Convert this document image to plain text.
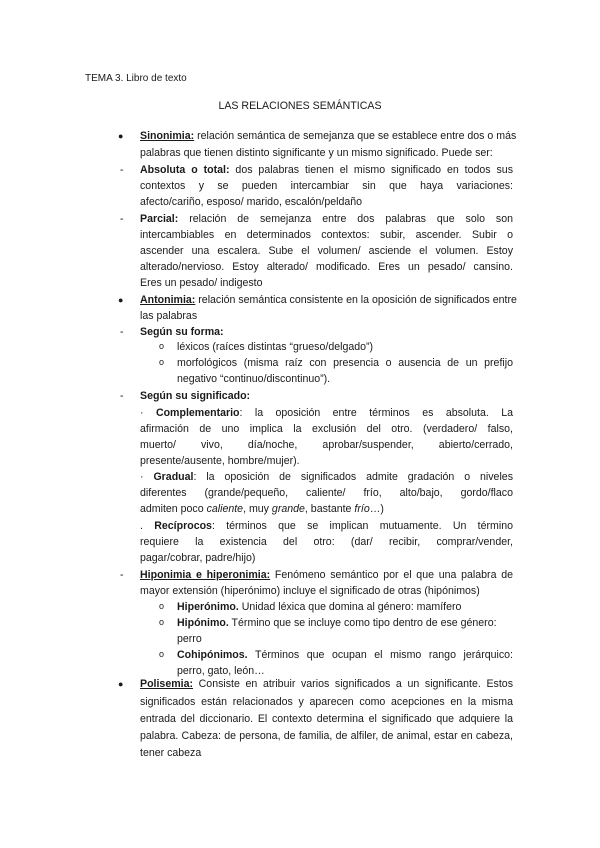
TEMA 3. Libro de texto
LAS RELACIONES SEMÁNTICAS
● Sinonimia: relación semántica de semejanza que se establece entre dos o más
palabras que tienen distinto significante y un mismo significado. Puede ser:
- Absoluta o total: dos palabras tienen el mismo significado en todos sus
contextos y se pueden intercambiar sin que haya variaciones:
afecto/cariño, esposo/ marido, escalón/peldaño
- Parcial: relación de semejanza entre dos palabras que solo son
intercambiables en determinados contextos: subir, ascender. Subir o
ascender una escalera. Sube el volumen/ asciende el volumen. Estoy
alterado/nervioso. Estoy alterado/ modificado. Eres un pesado/ cansino.
Eres un pesado/ indigesto
● Antonimia: relación semántica consistente en la oposición de significados entre
las palabras
- Según su forma:
o léxicos (raíces distintas “grueso/delgado”)
o morfológicos (misma raíz con presencia o ausencia de un prefijo
negativo “continuo/discontinuo”).
- Según su significado:
· Complementario: la oposición entre términos es absoluta. La
afirmación de uno implica la exclusión del otro. (verdadero/ falso,
muerto/ vivo, día/noche, aprobar/suspender, abierto/cerrado,
presente/ausente, hombre/mujer).
· Gradual: la oposición de significados admite gradación o niveles
diferentes (grande/pequeño, caliente/ frío, alto/bajo, gordo/flaco
admiten poco caliente, muy grande, bastante frío…)
. Recíprocos: términos que se implican mutuamente. Un término
requiere la existencia del otro: (dar/ recibir, comprar/vender,
pagar/cobrar, padre/hijo)
- Hiponimia e hiperonimia: Fenómeno semántico por el que una palabra de
mayor extensión (hiperónimo) incluye el significado de otras (hipónimos)
o Hiperónimo. Unidad léxica que domina al género: mamífero
o Hipónimo. Término que se incluye como tipo dentro de ese género:
perro
o Cohipónimos. Términos que ocupan el mismo rango jerárquico:
perro, gato, león…
● Polisemia: Consiste en atribuir varios significados a un significante. Estos
significados están relacionados y aparecen como acepciones en la misma
entrada del diccionario. El contexto determina el significado que adquiere la
palabra. Cabeza: de persona, de familia, de alfiler, de animal, estar en cabeza,
tener cabeza
